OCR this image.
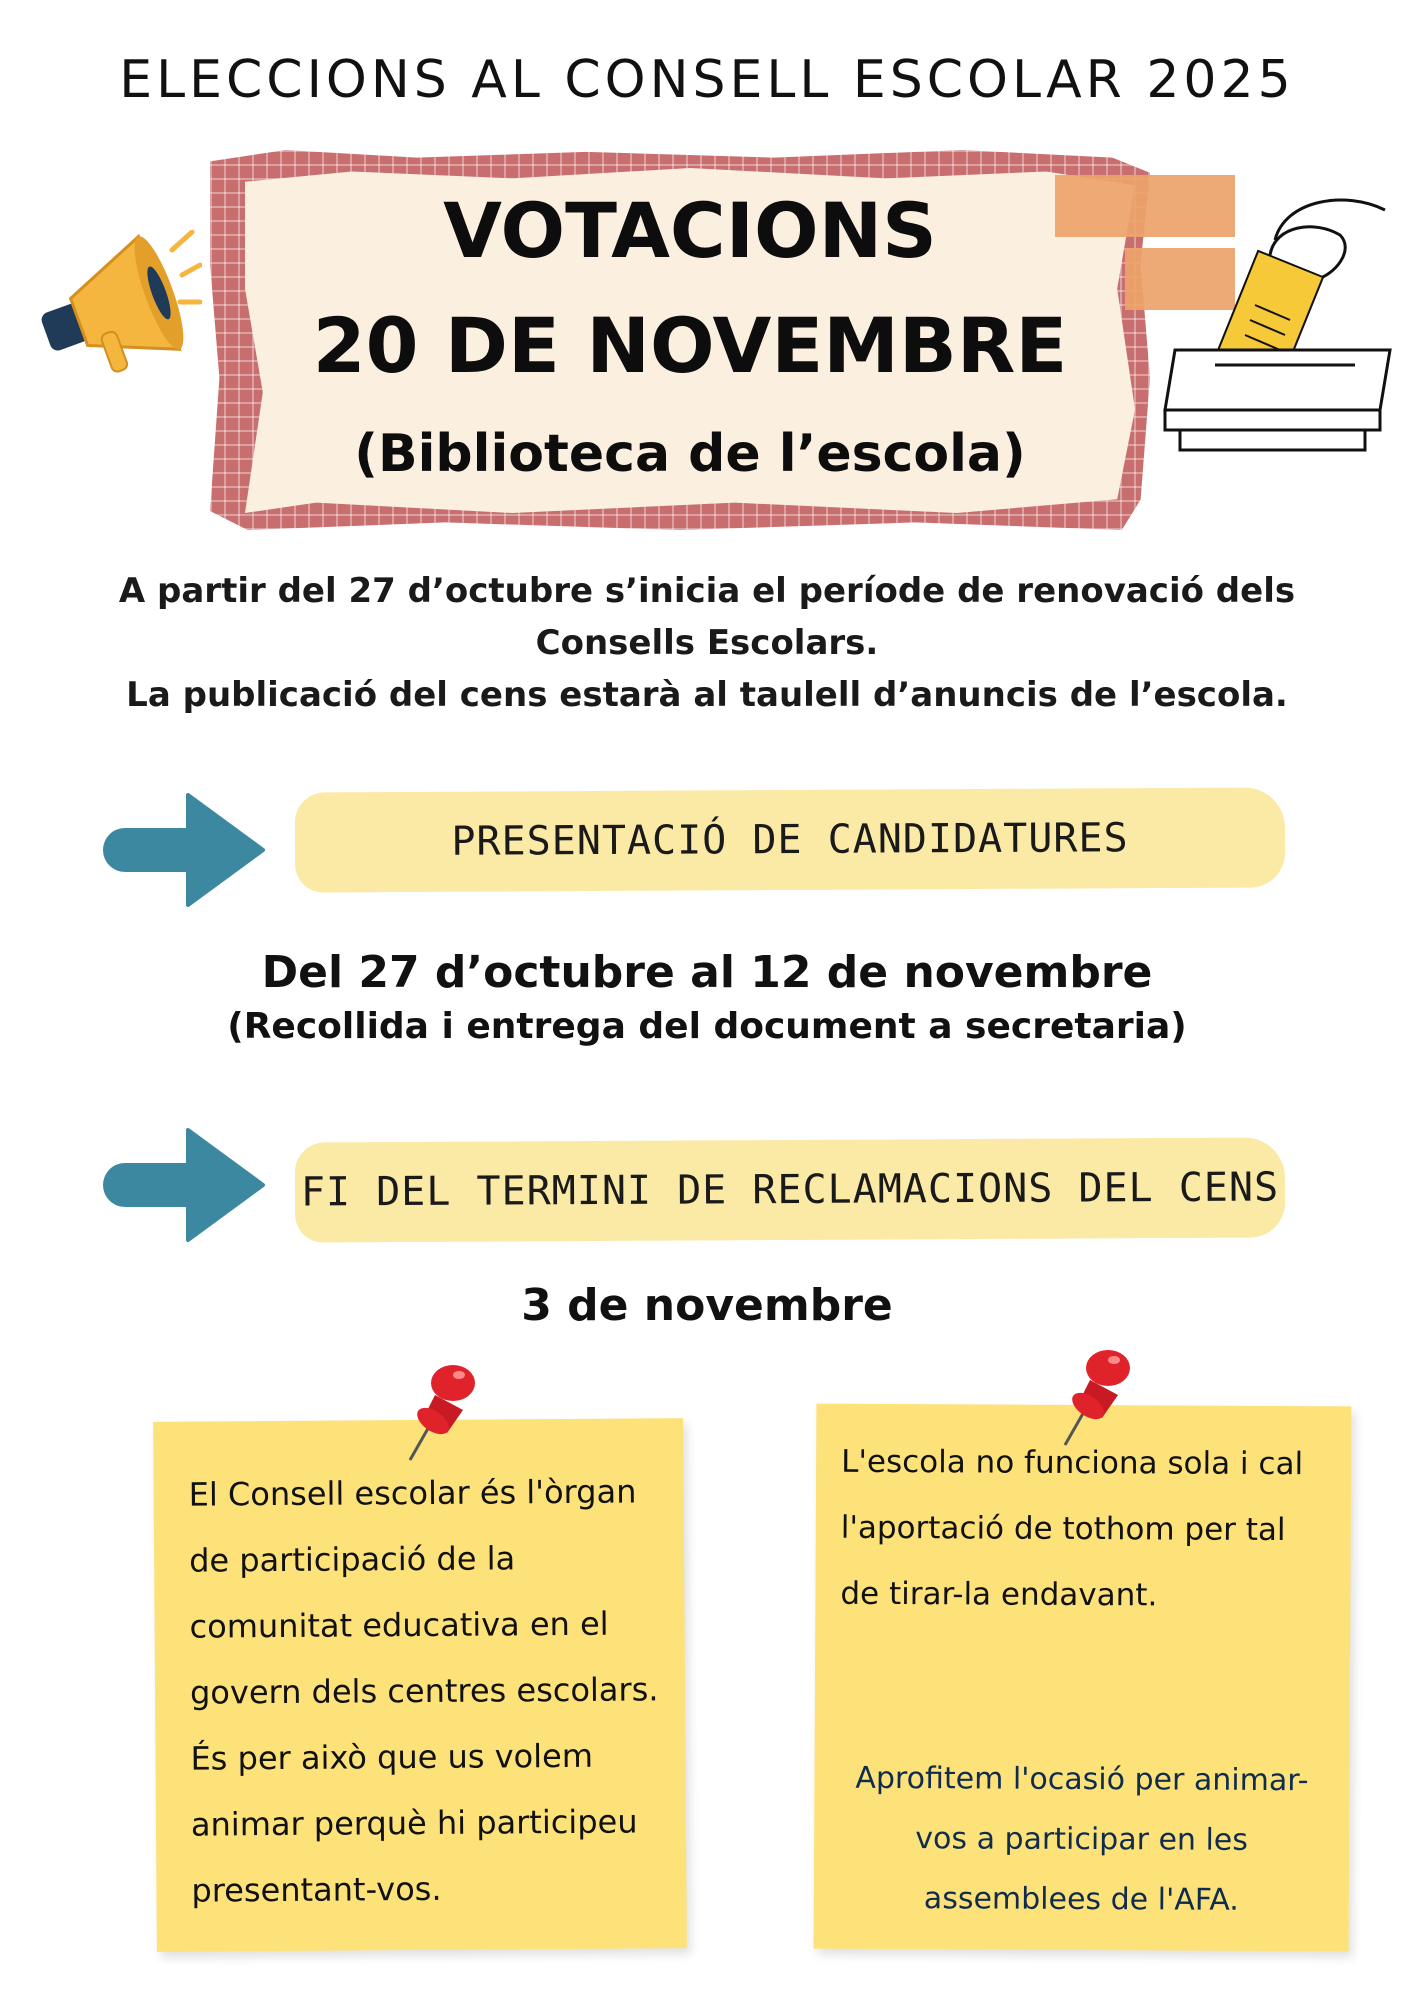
ELECCIONS AL CONSELL ESCOLAR 2025
VOTACIONS
20 DE NOVEMBRE
(Biblioteca de l’escola)

A partir del 27 d’octubre s’inicia el període de renovació dels

Consells Escolars.

La publicació del cens estarà al taulell d’anuncis de l’escola.

PRESENTACIÓ DE CANDIDATURES
Del 27 d’octubre al 12 de novembre
(Recollida i entrega del document a secretaria)
FI DEL TERMINI DE RECLAMACIONS DEL CENS
3 de novembre
El Consell escolar és l'òrgan de participació de la comunitat educativa en el govern dels centres escolars. És per això que us volem animar perquè hi participeu presentant-vos.
L'escola no funciona sola i cal l'aportació de tothom per tal de tirar-la endavant.
Aprofitem l'ocasió per animar-vos a participar en les assemblees de l'AFA.
